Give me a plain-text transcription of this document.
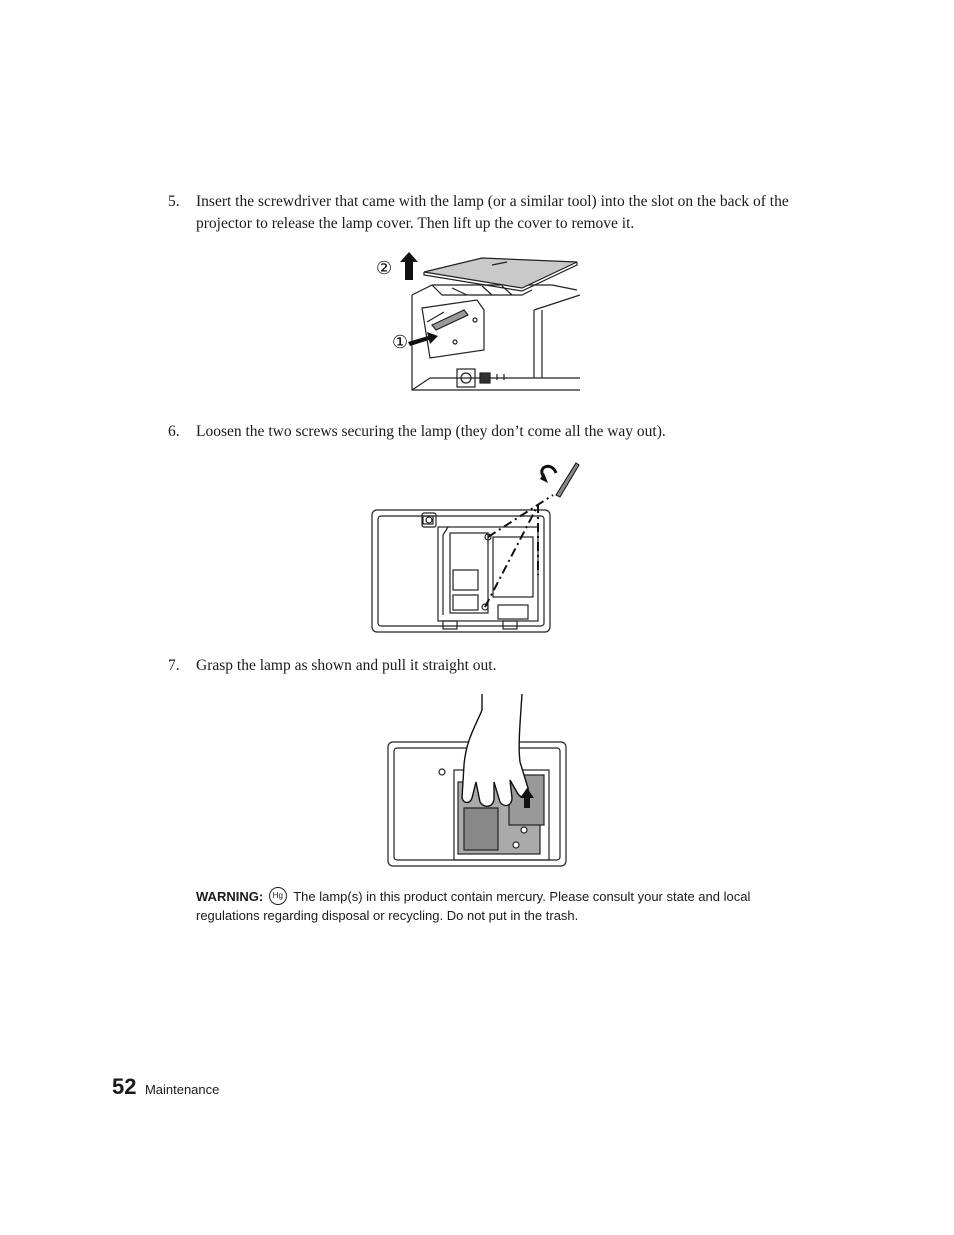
5. Insert the screwdriver that came with the lamp (or a similar tool) into the slot on the back of the projector to release the lamp cover. Then lift up the cover to remove it.
②
①
6. Loosen the two screws securing the lamp (they don’t come all the way out).
7. Grasp the lamp as shown and pull it straight out.
WARNING: Hg The lamp(s) in this product contain mercury. Please consult your state and local regulations regarding disposal or recycling. Do not put in the trash.
52 Maintenance
